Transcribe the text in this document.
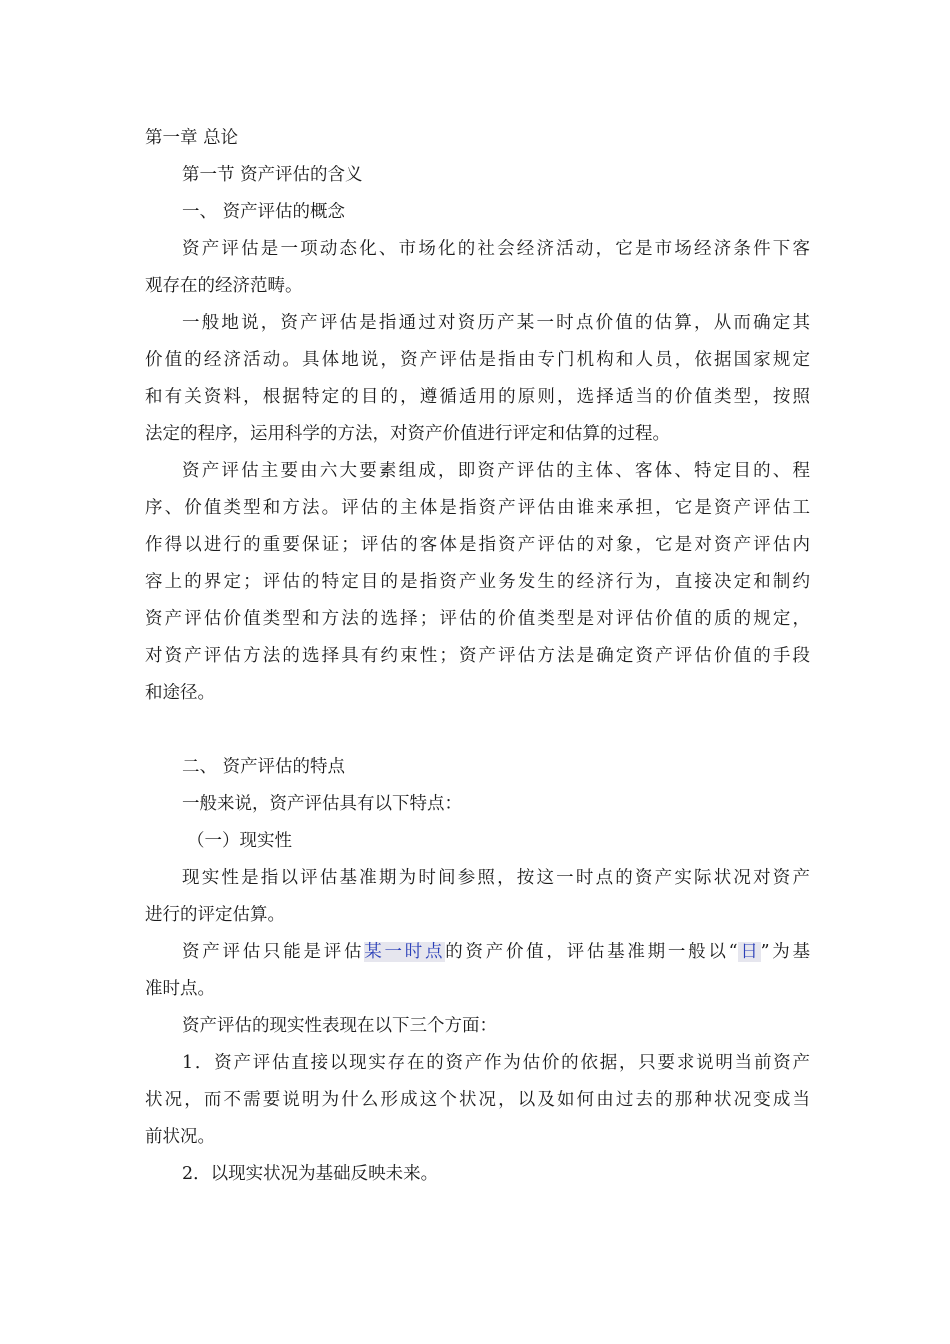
第一章 总论
第一节 资产评估的含义
一、 资产评估的概念
资产评估是一项动态化、市场化的社会经济活动，它是市场经济条件下客
观存在的经济范畴。
一般地说，资产评估是指通过对资历产某一时点价值的估算，从而确定其
价值的经济活动。具体地说，资产评估是指由专门机构和人员，依据国家规定
和有关资料，根据特定的目的，遵循适用的原则，选择适当的价值类型，按照
法定的程序，运用科学的方法，对资产价值进行评定和估算的过程。
资产评估主要由六大要素组成，即资产评估的主体、客体、特定目的、程
序、价值类型和方法。评估的主体是指资产评估由谁来承担，它是资产评估工
作得以进行的重要保证；评估的客体是指资产评估的对象，它是对资产评估内
容上的界定；评估的特定目的是指资产业务发生的经济行为，直接决定和制约
资产评估价值类型和方法的选择；评估的价值类型是对评估价值的质的规定，
对资产评估方法的选择具有约束性；资产评估方法是确定资产评估价值的手段
和途径。
二、 资产评估的特点
一般来说，资产评估具有以下特点：
（一）现实性
现实性是指以评估基准期为时间参照，按这一时点的资产实际状况对资产
进行的评定估算。
资产评估只能是评估某一时点的资产价值，评估基准期一般以“日”为基
准时点。
资产评估的现实性表现在以下三个方面：
1．资产评估直接以现实存在的资产作为估价的依据，只要求说明当前资产
状况，而不需要说明为什么形成这个状况，以及如何由过去的那种状况变成当
前状况。
2．以现实状况为基础反映未来。
